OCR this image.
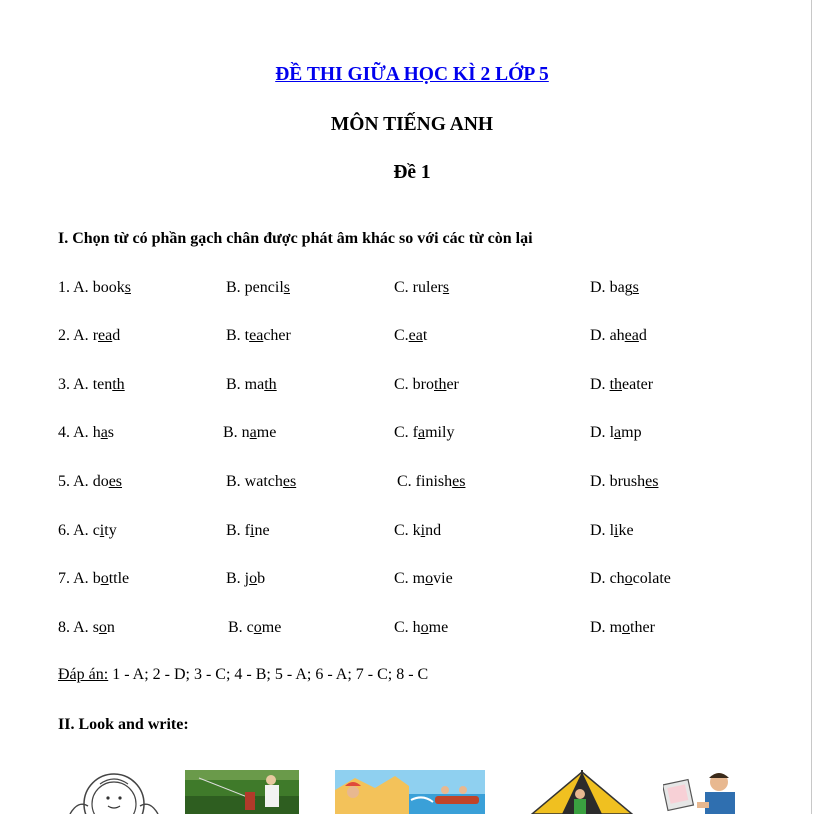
ĐỀ THI GIỮA HỌC KÌ 2 LỚP 5
MÔN TIẾNG ANH
Đề 1
I. Chọn từ có phần gạch chân được phát âm khác so với các từ còn lại
1. A. books	B. pencils	C. rulers	D. bags
2. A. read	B. teacher	C.eat	D. ahead
3. A. tenth	B. math	C. brother	D. theater
4. A. has	B. name	C. family	D. lamp
5. A. does	B. watches	C. finishes	D. brushes
6. A. city	B. fine	C. kind	D. like
7. A. bottle	B. job	C. movie	D. chocolate
8. A. son	B. come	C. home	D. mother
Đáp án: 1 - A; 2 - D; 3 - C; 4 - B; 5 - A; 6 - A; 7 - C; 8 - C
II. Look and write:
